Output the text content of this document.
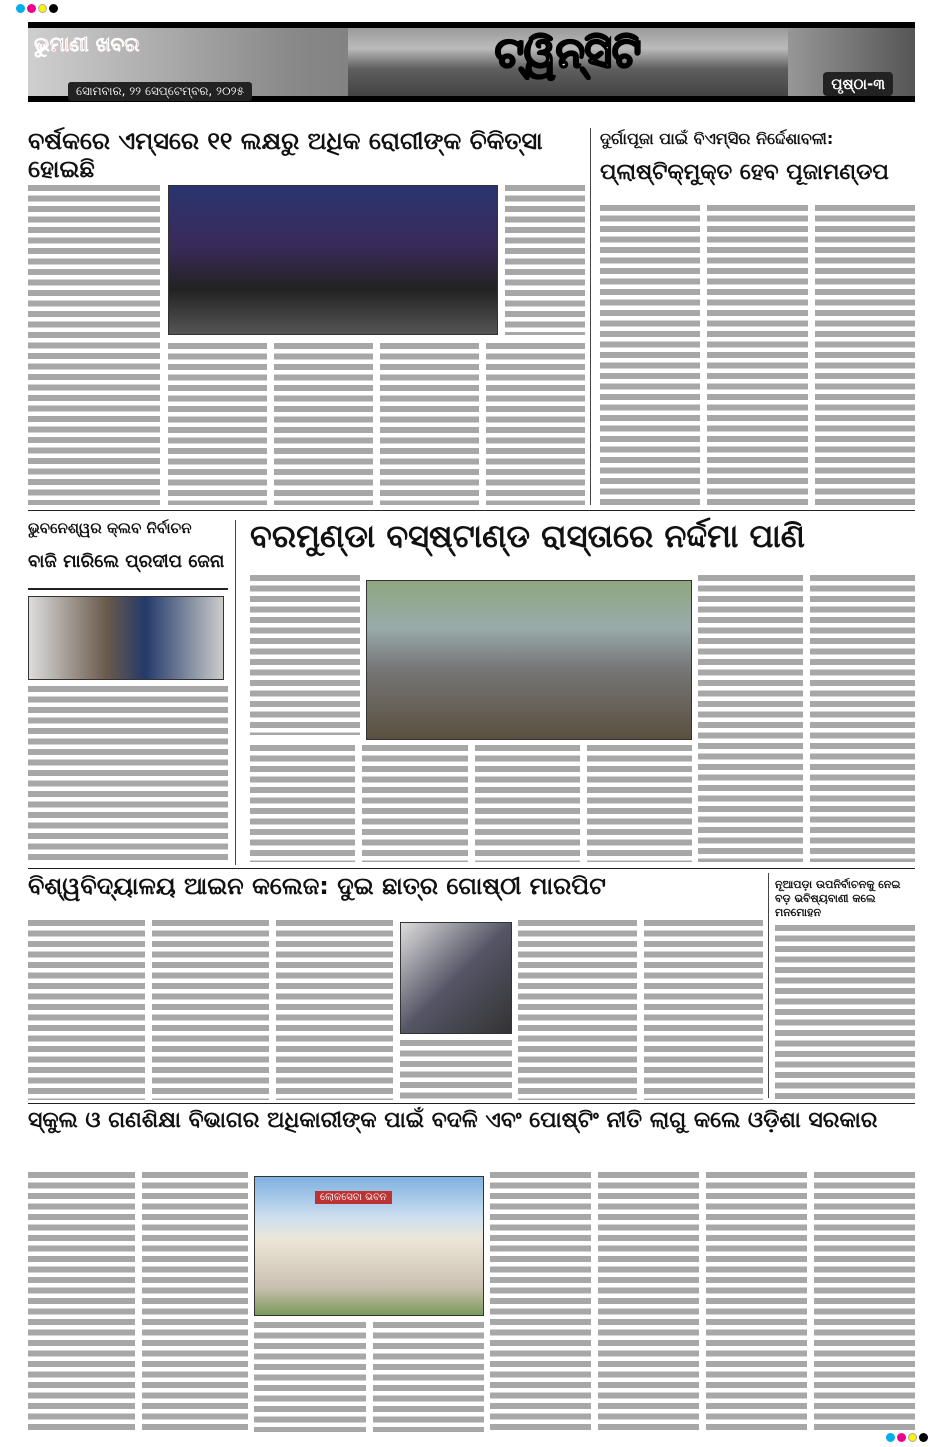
ଭୁମାଣୀ ଖବର	ଟ୍ୱିନ୍‌ସିଟି
ସୋମବାର, ୨୨ ସେପ୍ଟେମ୍ବର, ୨୦୨୫	ପୃଷ୍ଠା-୩
ବର୍ଷକରେ ଏମ୍ସରେ ୧୧ ଲକ୍ଷରୁ ଅଧିକ ରୋଗୀଙ୍କ ଚିକିତ୍ସା ହୋଇଛି
ଦୁର୍ଗାପୂଜା ପାଇଁ ବିଏମ୍‌ସିର ନିର୍ଦ୍ଦେଶାବଳୀ:
ପ୍ଲାଷ୍ଟିକ୍‌ମୁକ୍ତ ହେବ ପୂଜାମଣ୍ଡପ
ଭୁବନେଶ୍ୱର କ୍ଲବ ନିର୍ବାଚନ
ବାଜି ମାରିଲେ ପ୍ରଦୀପ ଜେନା
ବରମୁଣ୍ଡା ବସ୍‌ଷ୍ଟାଣ୍ଡ ରାସ୍ତାରେ ନର୍ଦ୍ଦମା ପାଣି
ବିଶ୍ୱବିଦ୍ୟାଳୟ ଆଇନ କଲେଜ: ଦୁଇ ଛାତ୍ର ଗୋଷ୍ଠୀ ମାରପିଟ	ନୂଆପଡ଼ା ଉପନିର୍ବାଚନକୁ ନେଇ ବଡ଼ ଭବିଷ୍ୟବାଣୀ କଲେ ମନମୋହନ
ସ୍କୁଲ ଓ ଗଣଶିକ୍ଷା ବିଭାଗର ଅଧିକାରୀଙ୍କ ପାଇଁ ବଦଳି ଏବଂ ପୋଷ୍ଟିଂ ନୀତି ଲାଗୁ କଲେ ଓଡ଼ିଶା ସରକାର
ଲୋକସେବା ଭବନ
